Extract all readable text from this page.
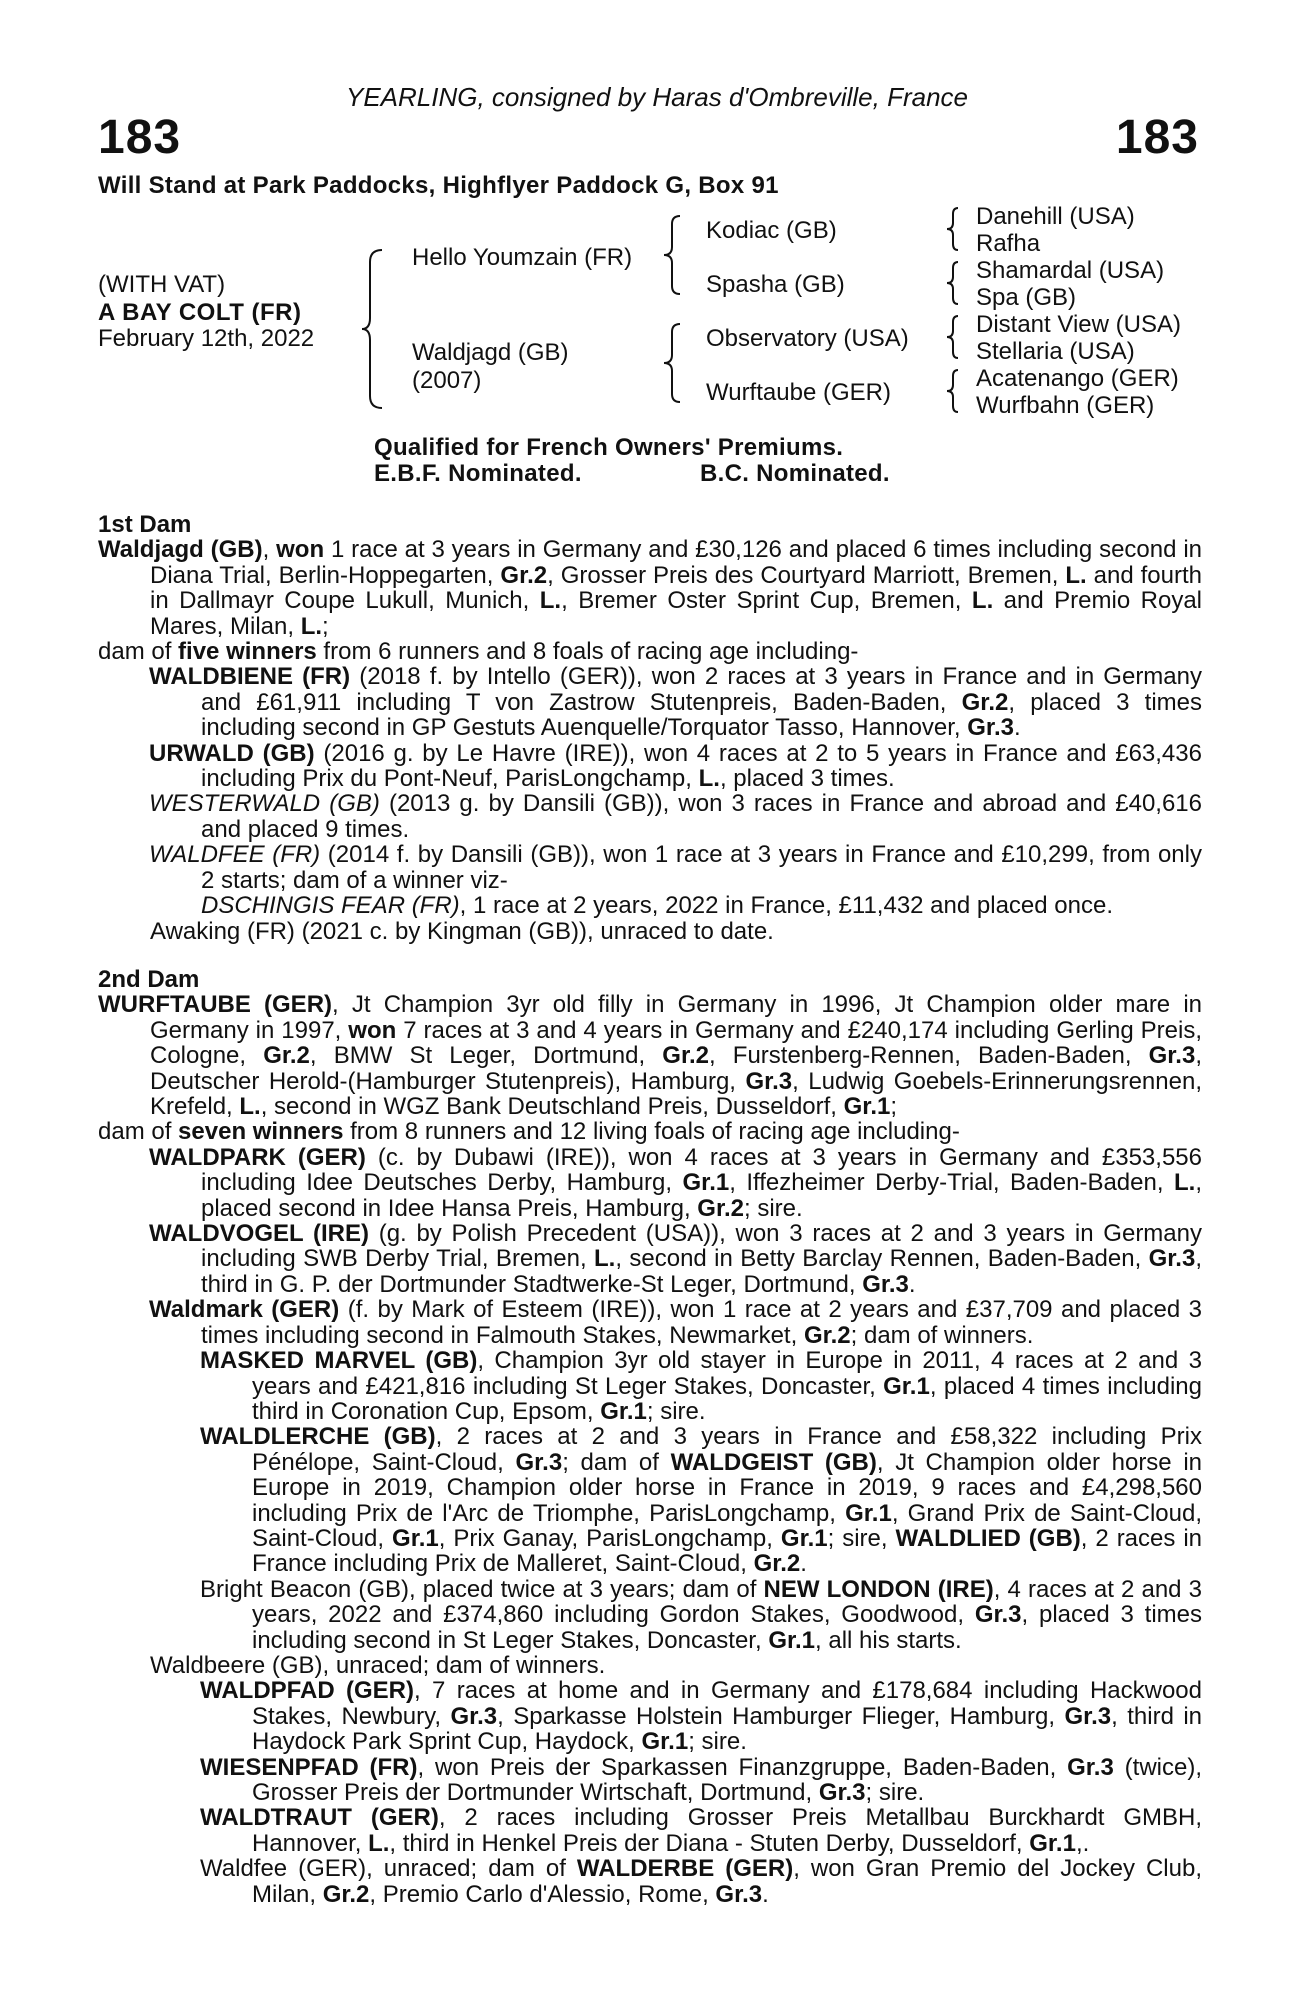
YEARLING, consigned by Haras d'Ombreville, France
183	183
Will Stand at Park Paddocks, Highflyer Paddock G, Box 91
(WITH VAT)
A BAY COLT (FR)
February 12th, 2022
Hello Youmzain (FR)
Waldjagd (GB)
(2007)
Kodiac (GB)
Spasha (GB)
Observatory (USA)
Wurftaube (GER)
Danehill (USA)
Rafha
Shamardal (USA)
Spa (GB)
Distant View (USA)
Stellaria (USA)
Acatenango (GER)
Wurfbahn (GER)
Qualified for French Owners' Premiums.
E.B.F. Nominated.	B.C. Nominated.
1st Dam

Waldjagd (GB), won 1 race at 3 years in Germany and £30,126 and placed 6 times including second in Diana Trial, Berlin-Hoppegarten, Gr.2, Grosser Preis des Courtyard Marriott, Bremen, L. and fourth in Dallmayr Coupe Lukull, Munich, L., Bremer Oster Sprint Cup, Bremen, L. and Premio Royal Mares, Milan, L.;

dam of five winners from 6 runners and 8 foals of racing age including-

WALDBIENE (FR) (2018 f. by Intello (GER)), won 2 races at 3 years in France and in Germany and £61,911 including T von Zastrow Stutenpreis, Baden-Baden, Gr.2, placed 3 times including second in GP Gestuts Auenquelle/Torquator Tasso, Hannover, Gr.3.

URWALD (GB) (2016 g. by Le Havre (IRE)), won 4 races at 2 to 5 years in France and £63,436 including Prix du Pont-Neuf, ParisLongchamp, L., placed 3 times.

WESTERWALD (GB) (2013 g. by Dansili (GB)), won 3 races in France and abroad and £40,616 and placed 9 times.

WALDFEE (FR) (2014 f. by Dansili (GB)), won 1 race at 3 years in France and £10,299, from only 2 starts; dam of a winner viz-

DSCHINGIS FEAR (FR), 1 race at 2 years, 2022 in France, £11,432 and placed once.

Awaking (FR) (2021 c. by Kingman (GB)), unraced to date.

2nd Dam

WURFTAUBE (GER), Jt Champion 3yr old filly in Germany in 1996, Jt Champion older mare in Germany in 1997, won 7 races at 3 and 4 years in Germany and £240,174 including Gerling Preis, Cologne, Gr.2, BMW St Leger, Dortmund, Gr.2, Furstenberg-Rennen, Baden-Baden, Gr.3, Deutscher Herold-(Hamburger Stutenpreis), Hamburg, Gr.3, Ludwig Goebels-Erinnerungsrennen, Krefeld, L., second in WGZ Bank Deutschland Preis, Dusseldorf, Gr.1;

dam of seven winners from 8 runners and 12 living foals of racing age including-

WALDPARK (GER) (c. by Dubawi (IRE)), won 4 races at 3 years in Germany and £353,556 including Idee Deutsches Derby, Hamburg, Gr.1, Iffezheimer Derby-Trial, Baden-Baden, L., placed second in Idee Hansa Preis, Hamburg, Gr.2; sire.

WALDVOGEL (IRE) (g. by Polish Precedent (USA)), won 3 races at 2 and 3 years in Germany including SWB Derby Trial, Bremen, L., second in Betty Barclay Rennen, Baden-Baden, Gr.3, third in G. P. der Dortmunder Stadtwerke-St Leger, Dortmund, Gr.3.

Waldmark (GER) (f. by Mark of Esteem (IRE)), won 1 race at 2 years and £37,709 and placed 3 times including second in Falmouth Stakes, Newmarket, Gr.2; dam of winners.

MASKED MARVEL (GB), Champion 3yr old stayer in Europe in 2011, 4 races at 2 and 3 years and £421,816 including St Leger Stakes, Doncaster, Gr.1, placed 4 times including third in Coronation Cup, Epsom, Gr.1; sire.

WALDLERCHE (GB), 2 races at 2 and 3 years in France and £58,322 including Prix Pénélope, Saint-Cloud, Gr.3; dam of WALDGEIST (GB), Jt Champion older horse in Europe in 2019, Champion older horse in France in 2019, 9 races and £4,298,560 including Prix de l'Arc de Triomphe, ParisLongchamp, Gr.1, Grand Prix de Saint-Cloud, Saint-Cloud, Gr.1, Prix Ganay, ParisLongchamp, Gr.1; sire, WALDLIED (GB), 2 races in France including Prix de Malleret, Saint-Cloud, Gr.2.

Bright Beacon (GB), placed twice at 3 years; dam of NEW LONDON (IRE), 4 races at 2 and 3 years, 2022 and £374,860 including Gordon Stakes, Goodwood, Gr.3, placed 3 times including second in St Leger Stakes, Doncaster, Gr.1, all his starts.

Waldbeere (GB), unraced; dam of winners.

WALDPFAD (GER), 7 races at home and in Germany and £178,684 including Hackwood Stakes, Newbury, Gr.3, Sparkasse Holstein Hamburger Flieger, Hamburg, Gr.3, third in Haydock Park Sprint Cup, Haydock, Gr.1; sire.

WIESENPFAD (FR), won Preis der Sparkassen Finanzgruppe, Baden-Baden, Gr.3 (twice), Grosser Preis der Dortmunder Wirtschaft, Dortmund, Gr.3; sire.

WALDTRAUT (GER), 2 races including Grosser Preis Metallbau Burckhardt GMBH, Hannover, L., third in Henkel Preis der Diana - Stuten Derby, Dusseldorf, Gr.1,.

Waldfee (GER), unraced; dam of WALDERBE (GER), won Gran Premio del Jockey Club, Milan, Gr.2, Premio Carlo d'Alessio, Rome, Gr.3.
